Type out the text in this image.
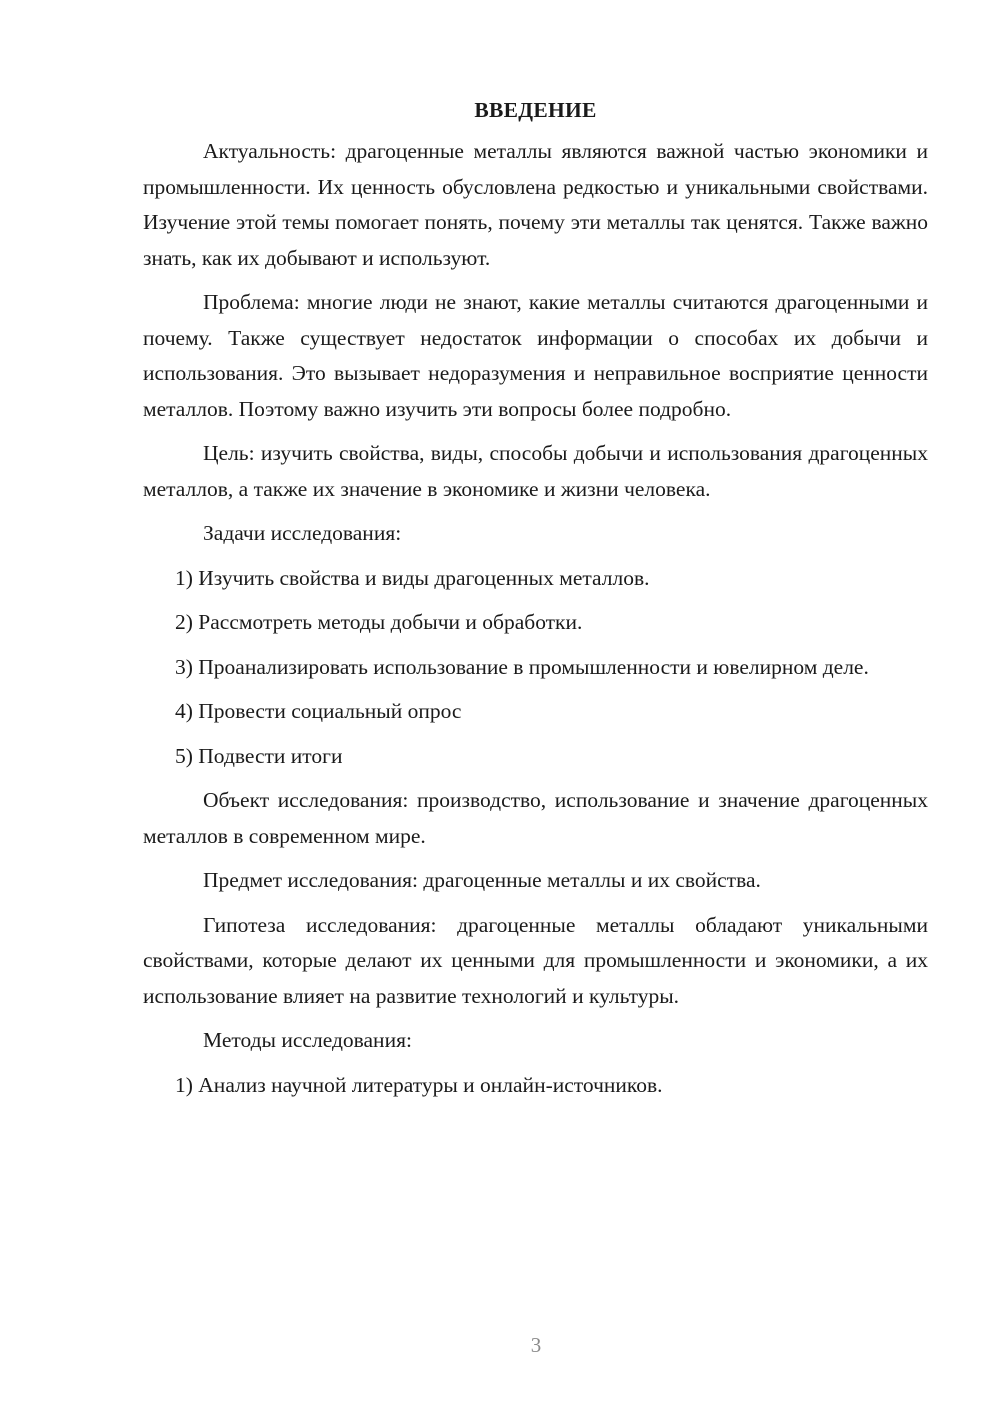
ВВЕДЕНИЕ

Актуальность: драгоценные металлы являются важной частью экономики и промышленности. Их ценность обусловлена редкостью и уникальными свойствами. Изучение этой темы помогает понять, почему эти металлы так ценятся. Также важно знать, как их добывают и используют.

Проблема: многие люди не знают, какие металлы считаются драгоценными и почему. Также существует недостаток информации о способах их добычи и использования. Это вызывает недоразумения и неправильное восприятие ценности металлов. Поэтому важно изучить эти вопросы более подробно.

Цель: изучить свойства, виды, способы добычи и использования драгоценных металлов, а также их значение в экономике и жизни человека.

Задачи исследования:

1) Изучить свойства и виды драгоценных металлов.

2) Рассмотреть методы добычи и обработки.

3) Проанализировать использование в промышленности и ювелирном деле.

4) Провести социальный опрос

5) Подвести итоги

Объект исследования: производство, использование и значение драгоценных металлов в современном мире.

Предмет исследования: драгоценные металлы и их свойства.

Гипотеза исследования: драгоценные металлы обладают уникальными свойствами, которые делают их ценными для промышленности и экономики, а их использование влияет на развитие технологий и культуры.

Методы исследования:

1) Анализ научной литературы и онлайн-источников.

3
